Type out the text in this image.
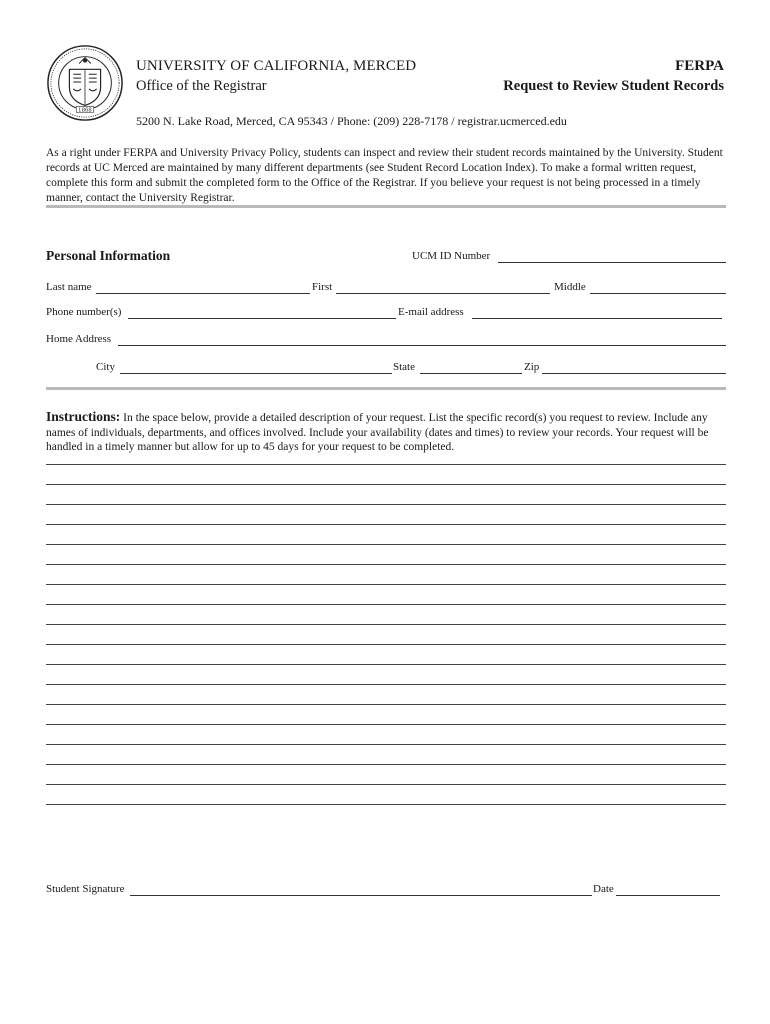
1868
UNIVERSITY OF CALIFORNIA, MERCED
Office of the Registrar
FERPA
Request to Review Student Records
5200 N. Lake Road, Merced, CA 95343 / Phone: (209) 228-7178 / registrar.ucmerced.edu
As a right under FERPA and University Privacy Policy, students can inspect and review their student records maintained by the University. Student records at UC Merced are maintained by many different departments (see Student Record Location Index). To make a formal written request, complete this form and submit the completed form to the Office of the Registrar. If you believe your request is not being processed in a timely manner, contact the University Registrar.
Personal Information	UCM ID Number
Last name	First	Middle
Phone number(s)	E-mail address
Home Address
City	State	Zip
Instructions: In the space below, provide a detailed description of your request. List the specific record(s) you request to review. Include any names of individuals, departments, and offices involved. Include your availability (dates and times) to review your records. Your request will be handled in a timely manner but allow for up to 45 days for your request to be completed.
Student Signature	Date
